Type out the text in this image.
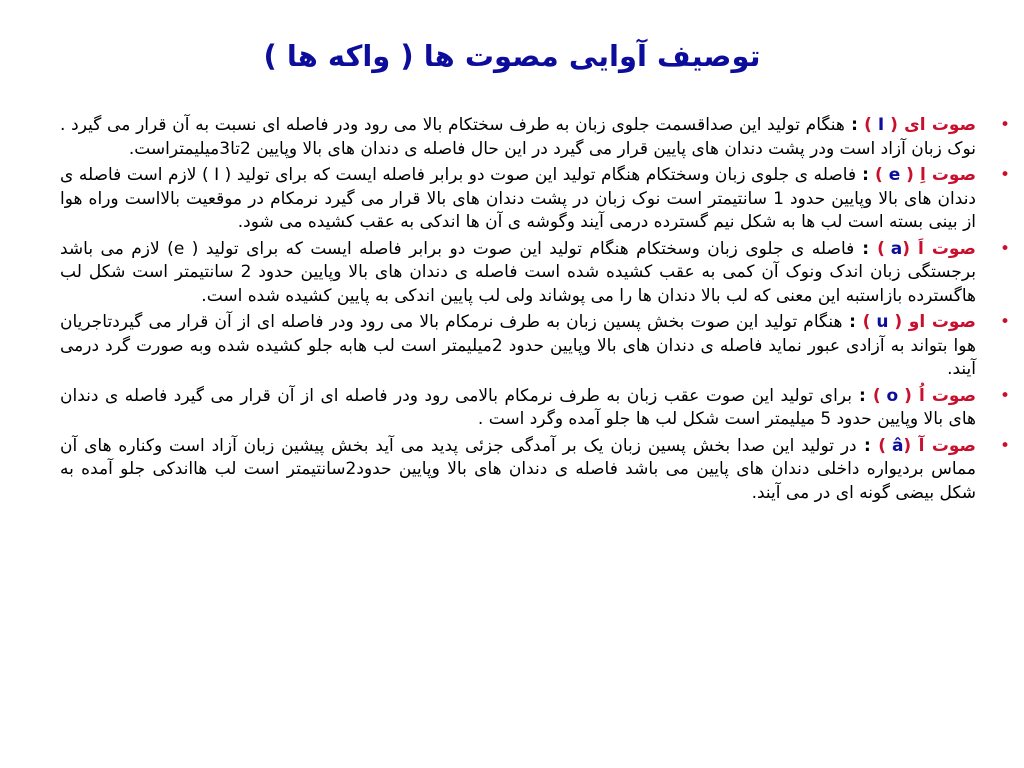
توصیف آوایی مصوت ها ( واکه ها )
•
صوت ای ( I ) : هنگام تولید این صداقسمت جلوی زبان به طرف سختکام بالا می رود ودر فاصله ای نسبت به آن قرار می گیرد . نوک زبان آزاد است ودر پشت دندان های پایین قرار می گیرد در این حال فاصله ی دندان های بالا وپایین 2تا3میلیمتراست.
•
صوت اِ ( e ) : فاصله ی جلوی زبان وسختکام هنگام تولید این صوت دو برابر فاصله ایست که برای تولید ( I ) لازم است فاصله ی دندان های بالا وپایین حدود 1 سانتیمتر است نوک زبان در پشت دندان های بالا قرار می گیرد نرمکام در موقعیت بالااست وراه هوا از بینی بسته است لب ها به شکل نیم گسترده درمی آیند وگوشه ی آن ها اندکی به عقب کشیده می شود.
•
صوت اَ ( a) : فاصله ی جلوی زبان وسختکام هنگام تولید این صوت دو برابر فاصله ایست که برای تولید ( e) لازم می باشد برجستگی زبان اندک ونوک آن کمی به عقب کشیده شده است فاصله ی دندان های بالا وپایین حدود 2 سانتیمتر است شکل لب هاگسترده بازاستبه این معنی که لب بالا دندان ها را می پوشاند ولی لب پایین اندکی به پایین کشیده شده است.
•
صوت او ( u ) : هنگام تولید این صوت بخش پسین زبان به طرف نرمکام بالا می رود ودر فاصله ای از آن قرار می گیردتاجریان هوا بتواند به آزادی عبور نماید فاصله ی دندان های بالا وپایین حدود 2میلیمتر است لب هابه جلو کشیده شده وبه صورت گرد درمی آیند.
•
صوت اُ ( o ) : برای تولید این صوت عقب زبان به طرف نرمکام بالامی رود ودر فاصله ای از آن قرار می گیرد فاصله ی دندان های بالا وپایین حدود 5 میلیمتر است شکل لب ها جلو آمده وگرد است .
•
صوت آ ( â) : در تولید این صدا بخش پسین زبان یک بر آمدگی جزئی پدید می آید بخش پیشین زبان آزاد است وکناره های آن مماس بردیواره داخلی دندان های پایین می باشد فاصله ی دندان های بالا وپایین حدود2سانتیمتر است لب هااندکی جلو آمده به شکل بیضی گونه ای در می آیند.
